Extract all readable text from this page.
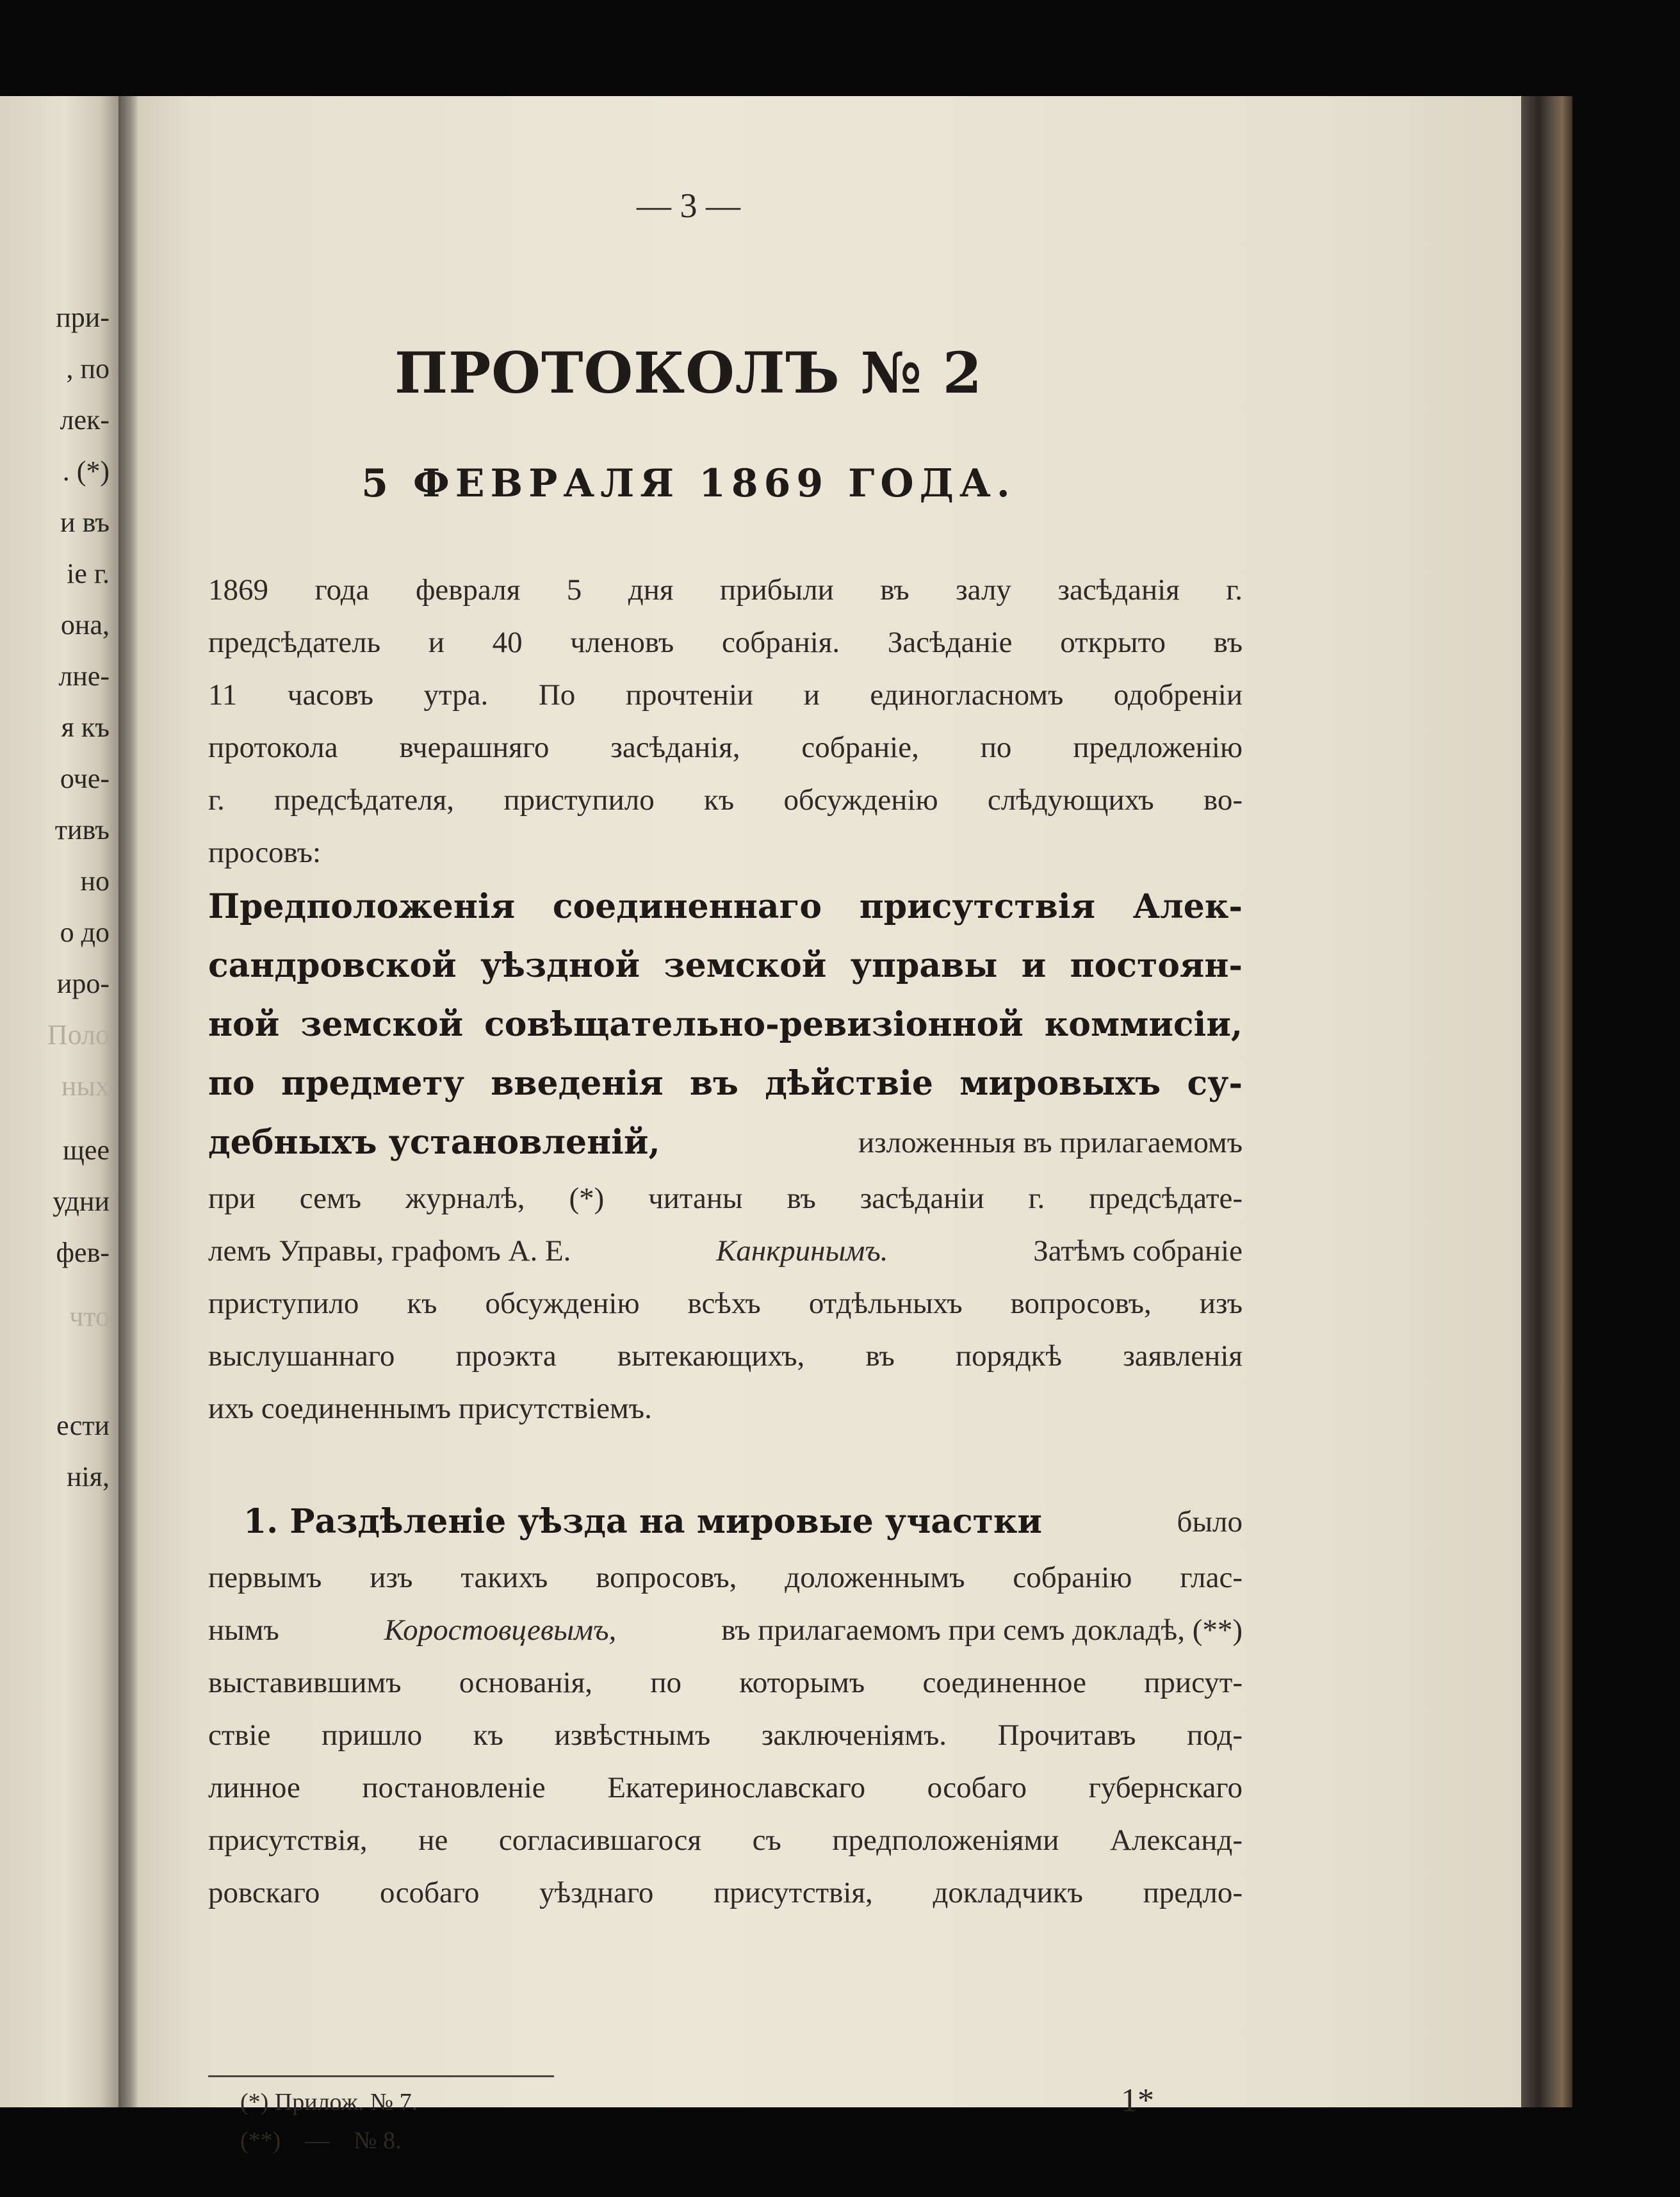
при-
, по
лек-
. (*)
и въ
іе г.
она,
лне-
я къ
оче-
тивъ
но
о до
иро-
Поло
ных
щее
удни
фев-
что
ести
нія,
— 3 —
ПРОТОКОЛЪ № 2
5 ФЕВРАЛЯ 1869 ГОДА.
1869 года февраля 5 дня прибыли въ залу засѣданія г.
предсѣдатель и 40 членовъ собранія. Засѣданіе открыто въ
11 часовъ утра. По прочтеніи и единогласномъ одобреніи
протокола вчерашняго засѣданія, собраніе, по предложенію
г. предсѣдателя, приступило къ обсужденію слѣдующихъ во-
просовъ:
Предположенія соединеннаго присутствія Алек-
сандровской уѣздной земской управы и постоян-
ной земской совѣщательно-ревизіонной коммисіи,
по предмету введенія въ дѣйствіе мировыхъ су-
дебныхъ установленій,	изложенныя въ прилагаемомъ
при семъ журналѣ, (*) читаны въ засѣданіи г. предсѣдате-
лемъ Управы, графомъ А. Е.	Канкринымъ.	Затѣмъ собраніе
приступило къ обсужденію всѣхъ отдѣльныхъ вопросовъ, изъ
выслушаннаго проэкта вытекающихъ, въ порядкѣ заявленія
ихъ соединеннымъ присутствіемъ.
1. Раздѣленіе уѣзда на мировые участки	было
первымъ изъ такихъ вопросовъ, доложеннымъ собранію глас-
нымъ	Коростовцевымъ,	въ прилагаемомъ при семъ докладѣ, (**)
выставившимъ основанія, по которымъ соединенное присут-
ствіе пришло къ извѣстнымъ заключеніямъ. Прочитавъ под-
линное постановленіе Екатеринославскаго особаго губернскаго
присутствія, не согласившагося съ предположеніями Александ-
ровскаго особаго уѣзднаго присутствія, докладчикъ предло-
(*) Прилож. № 7.
(**)    —    № 8.
1*
